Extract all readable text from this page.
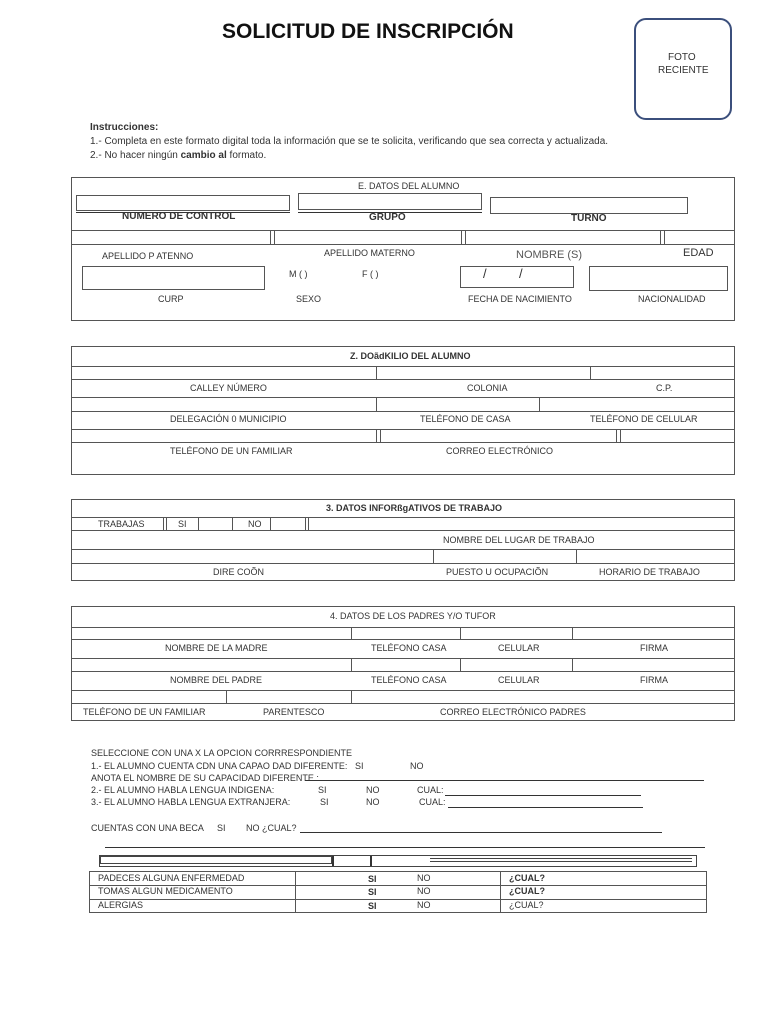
SOLICITUD DE INSCRIPCIÓN
FOTO
RECIENTE
Instrucciones:
1.- Completa en este formato digital toda la información que se te solicita, verificando que sea correcta y actualizada.
2.- No hacer ningún cambio al formato.
E. DATOS DEL ALUMNO
NUMERO DE CONTROL	GRUPO	TURNO
APELLIDO P ATENNO	APELLIDO MATERNO	NOMBRE (S)	EDAD
M ( )	F ( )	/ /
CURP	SEXO	FECHA DE NACIMIENTO	NACIONALIDAD
Z. DOãdKILIO DEL ALUMNO
CALLEY NÚMERO	COLONIA	C.P.
DELEGACIÓN 0 MUNICIPIO	TELÉFONO DE CASA	TELÉFONO DE CELULAR
TELÉFONO DE UN FAMILIAR	CORREO ELECTRÓNICO
3. DATOS INFORßgATIVOS DE TRABAJO
TRABAJAS	SI	NO
NOMBRE DEL LUGAR DE TRABAJO
DIRE COÕN	PUESTO U OCUPACIÕN	HORARIO DE TRABAJO
4. DATOS DE LOS PADRES Y/O TUFOR
NOMBRE DE LA MADRE	TELÉFONO CASA	CELULAR	FIRMA
NOMBRE DEL PADRE	TELÉFONO CASA	CELULAR	FIRMA
TELÉFONO DE UN FAMILIAR	PARENTESCO	CORREO ELECTRÓNICO PADRES
SELECCIONE CON UNA X LA OPCION CORRRESPONDIENTE
1.- EL ALUMNO CUENTA CDN UNA CAPAO DAD DIFERENTE: SI	NO
ANOTA EL NOMBRE DE SU CAPACIDAD DIFERENTE :
2.- EL ALUMNO HABLA LENGUA INDIGENA:	SI	NO	CUAL:
3.- EL ALUMNO HABLA LENGUA EXTRANJERA:	SI	NO	CUAL:
CUENTAS CON UNA BECA SI NO ¿CUAL?
PADECES ALGUNA ENFERMEDAD	SI	NO	¿CUAL?
TOMAS ALGUN MEDICAMENTO	SI	NO	¿CUAL?
ALERGIAS	SI	NO	¿CUAL?
